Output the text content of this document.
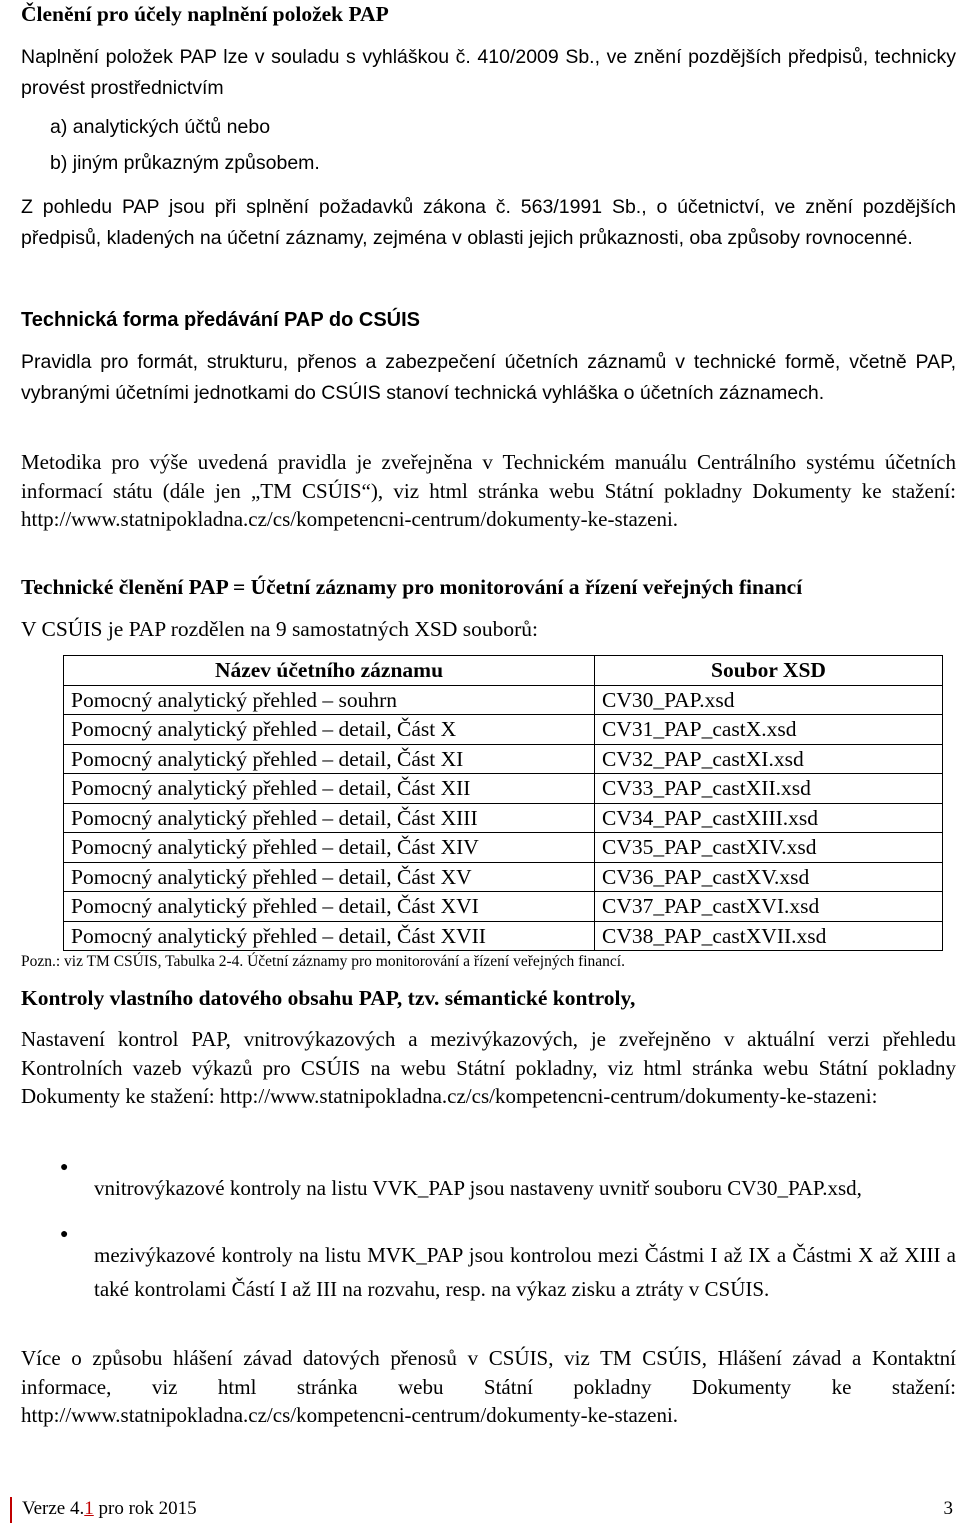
Členění pro účely naplnění položek PAP

Naplnění položek PAP lze v souladu s vyhláškou č. 410/2009 Sb., ve znění pozdějších předpisů, technicky provést prostřednictvím

a) analytických účtů nebo

b) jiným průkazným způsobem.

Z pohledu PAP jsou při splnění požadavků zákona č. 563/1991 Sb., o účetnictví, ve znění pozdějších předpisů, kladených na účetní záznamy, zejména v oblasti jejich průkaznosti, oba způsoby rovnocenné.

Technická forma předávání PAP do CSÚIS

Pravidla pro formát, strukturu, přenos a zabezpečení účetních záznamů v technické formě, včetně PAP, vybranými účetními jednotkami do CSÚIS stanoví technická vyhláška o účetních záznamech.

Metodika pro výše uvedená pravidla je zveřejněna v Technickém manuálu Centrálního systému účetních informací státu (dále jen „TM CSÚIS“), viz html stránka webu Státní pokladny Dokumenty ke stažení: http://www.statnipokladna.cz/cs/kompetencni-centrum/dokumenty-ke-stazeni.

Technické členění PAP = Účetní záznamy pro monitorování a řízení veřejných financí

V CSÚIS je PAP rozdělen na 9 samostatných XSD souborů:

Název účetního záznamu	Soubor XSD
Pomocný analytický přehled – souhrn	CV30_PAP.xsd
Pomocný analytický přehled – detail, Část X	CV31_PAP_castX.xsd
Pomocný analytický přehled – detail, Část XI	CV32_PAP_castXI.xsd
Pomocný analytický přehled – detail, Část XII	CV33_PAP_castXII.xsd
Pomocný analytický přehled – detail, Část XIII	CV34_PAP_castXIII.xsd
Pomocný analytický přehled – detail, Část XIV	CV35_PAP_castXIV.xsd
Pomocný analytický přehled – detail, Část XV	CV36_PAP_castXV.xsd
Pomocný analytický přehled – detail, Část XVI	CV37_PAP_castXVI.xsd
Pomocný analytický přehled – detail, Část XVII	CV38_PAP_castXVII.xsd

Pozn.: viz TM CSÚIS, Tabulka 2-4. Účetní záznamy pro monitorování a řízení veřejných financí.

Kontroly vlastního datového obsahu PAP, tzv. sémantické kontroly,

Nastavení kontrol PAP, vnitrovýkazových a mezivýkazových, je zveřejněno v aktuální verzi přehledu Kontrolních vazeb výkazů pro CSÚIS na webu Státní pokladny, viz html stránka webu Státní pokladny Dokumenty ke stažení: http://www.statnipokladna.cz/cs/kompetencni-centrum/dokumenty-ke-stazeni:

●

vnitrovýkazové kontroly na listu VVK_PAP jsou nastaveny uvnitř souboru CV30_PAP.xsd,

●

mezivýkazové kontroly na listu MVK_PAP jsou kontrolou mezi Částmi I až IX a Částmi X až XIII a také kontrolami Částí I až III na rozvahu, resp. na výkaz zisku a ztráty v CSÚIS.

Více o způsobu hlášení závad datových přenosů v CSÚIS, viz TM CSÚIS, Hlášení závad a Kontaktní informace, viz html stránka webu Státní pokladny Dokumenty ke stažení: http://www.statnipokladna.cz/cs/kompetencni-centrum/dokumenty-ke-stazeni.

Verze 4.1 pro rok 2015	3
